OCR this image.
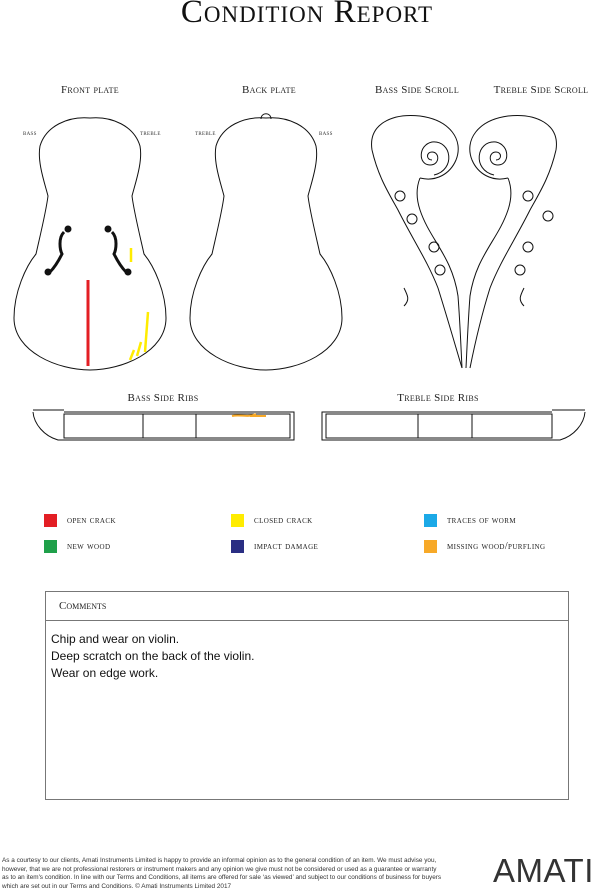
Condition Report
Front plate	Back plate	Bass Side Scroll	Treble Side Scroll
Bass Side Ribs	Treble Side Ribs
bass	treble	treble	bass
open crack	closed crack	traces of worm
new wood	impact damage	missing wood/purfling
Comments
Chip and wear on violin.
Deep scratch on the back of the violin.
Wear on edge work.
As a courtesy to our clients, Amati Instruments Limited is happy to provide an informal opinion as to the general condition of an item. We must advise you, however, that we are not professional restorers or instrument makers and any opinion we give must not be considered or used as a guarantee or warranty as to an item's condition. In line with our Terms and Conditions, all items are offered for sale ‘as viewed’ and subject to our conditions of business for buyers which are set out in our Terms and Conditions. © Amati Instruments Limited 2017	AMATI
